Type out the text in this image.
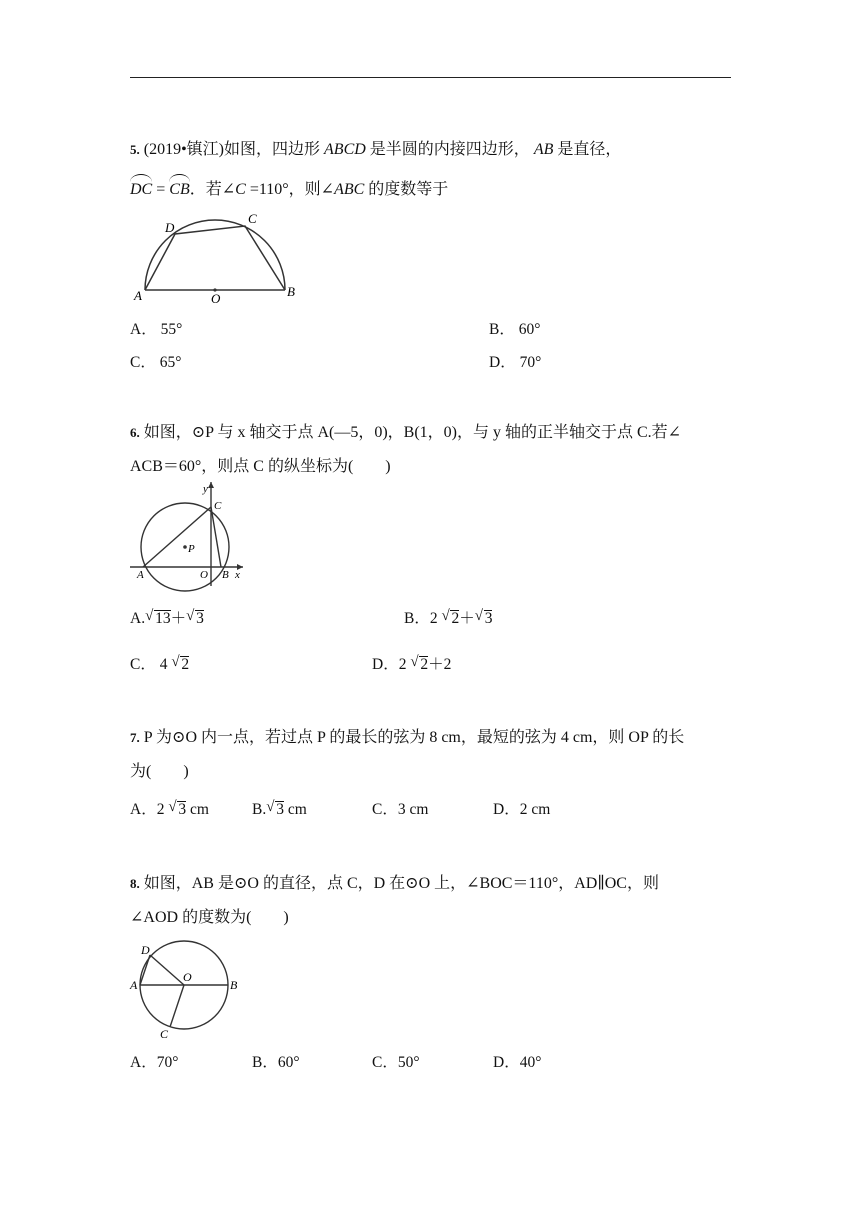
5. (2019•镇江)如图，四边形 ABCD 是半圆的内接四边形， AB 是直径，
DC = CB．若∠C =110°，则∠ABC 的度数等于
A	B
C
D
O
A． 55°	B． 60°
C． 65°	D． 70°
6. 如图，⊙P 与 x 轴交于点 A(—5，0)，B(1，0)，与 y 轴的正半轴交于点 C.若∠
ACB＝60°，则点 C 的纵坐标为(　　)
y
C
P
A	O B x
A. √ 13＋ √ 3	B．2 √ 2＋ √ 3
C． 4 √ 2	D．2 √ 2＋2
7. P 为⊙O 内一点，若过点 P 的最长的弦为 8 cm，最短的弦为 4 cm，则 OP 的长
为(　　)
A．2 √ 3 cm	B. √ 3 cm	C．3 cm	D．2 cm
8. 如图，AB 是⊙O 的直径，点 C，D 在⊙O 上，∠BOC＝110°，AD∥OC，则
∠AOD 的度数为(　　)
D
O
A	B
C
A．70°	B．60°	C．50°	D．40°
